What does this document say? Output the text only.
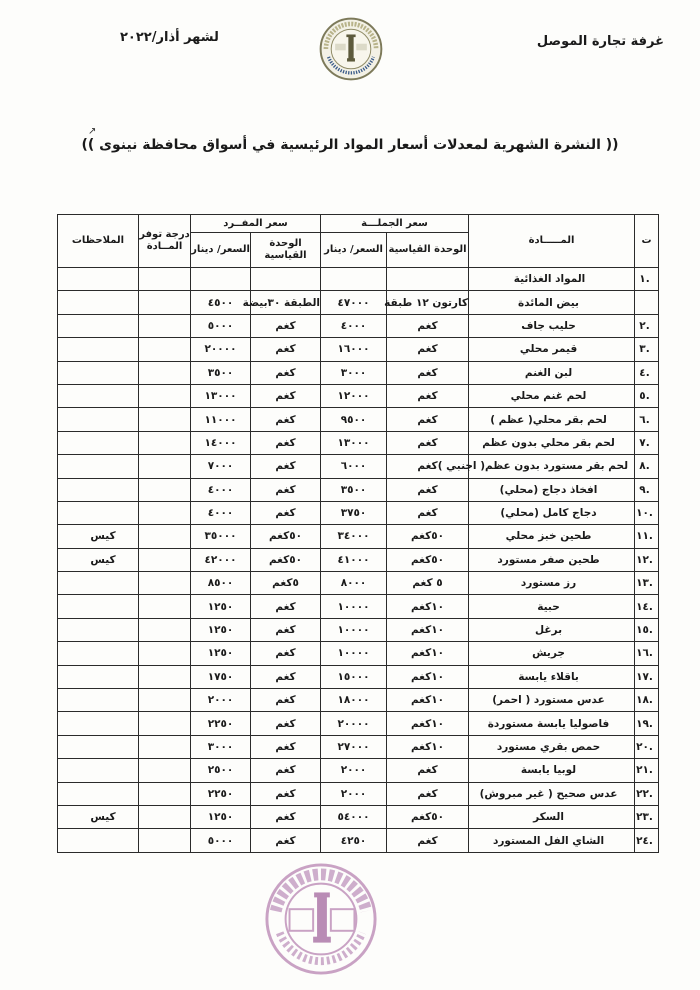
غرفة تجارة الموصل
لشهر أذار/٢٠٢٢
↗
(( النشرة الشهرية لمعدلات أسعار المواد الرئيسية في أسواق محافظة نينوى ))
ت	المـــــادة	سعر الجملـــة		سعر المفــرد		درجة توفر المــادة	الملاحظات
		الوحدة القياسية	السعر/ دينار	الوحدة القياسية	السعر/ دينار		
.١	المواد الغذائية						
	بيض المائدة	كارتون ١٢ طبقة	٤٧٠٠٠	الطبقة ٣٠بيضة	٤٥٠٠		
.٢	حليب جاف	كغم	٤٠٠٠	كغم	٥٠٠٠		
.٣	قيمر محلي	كغم	١٦٠٠٠	كغم	٢٠٠٠٠		
.٤	لبن الغنم	كغم	٣٠٠٠	كغم	٣٥٠٠		
.٥	لحم غنم محلي	كغم	١٢٠٠٠	كغم	١٣٠٠٠		
.٦	لحم بقر محلي( عظم )	كغم	٩٥٠٠	كغم	١١٠٠٠		
.٧	لحم بقر محلي بدون عظم	كغم	١٣٠٠٠	كغم	١٤٠٠٠		
.٨	لحم بقر مستورد بدون عظم( اجنبي )	كغم	٦٠٠٠	كغم	٧٠٠٠		
.٩	افخاذ دجاج (محلي)	كغم	٣٥٠٠	كغم	٤٠٠٠		
.١٠	دجاج كامل (محلي)	كغم	٣٧٥٠	كغم	٤٠٠٠		
.١١	طحين خبز محلي	٥٠كغم	٣٤٠٠٠	٥٠كغم	٣٥٠٠٠		كيس
.١٢	طحين صفر مستورد	٥٠كغم	٤١٠٠٠	٥٠كغم	٤٢٠٠٠		كيس
.١٣	رز مستورد	٥ كغم	٨٠٠٠	٥كغم	٨٥٠٠		
.١٤	حبية	١٠كغم	١٠٠٠٠	كغم	١٢٥٠		
.١٥	برغل	١٠كغم	١٠٠٠٠	كغم	١٢٥٠		
.١٦	جريش	١٠كغم	١٠٠٠٠	كغم	١٢٥٠		
.١٧	باقلاء يابسة	١٠كغم	١٥٠٠٠	كغم	١٧٥٠		
.١٨	عدس مستورد ( احمر)	١٠كغم	١٨٠٠٠	كغم	٢٠٠٠		
.١٩	فاصوليا يابسة مستوردة	١٠كغم	٢٠٠٠٠	كغم	٢٢٥٠		
.٢٠	حمص بقري مستورد	١٠كغم	٢٧٠٠٠	كغم	٣٠٠٠		
.٢١	لوبيا يابسة	كغم	٢٠٠٠	كغم	٢٥٠٠		
.٢٢	عدس صحيح ( غير مبروش)	كغم	٢٠٠٠	كغم	٢٢٥٠		
.٢٣	السكر	٥٠كغم	٥٤٠٠٠	كغم	١٢٥٠		كيس
.٢٤	الشاي الفل المستورد	كغم	٤٢٥٠	كغم	٥٠٠٠		
